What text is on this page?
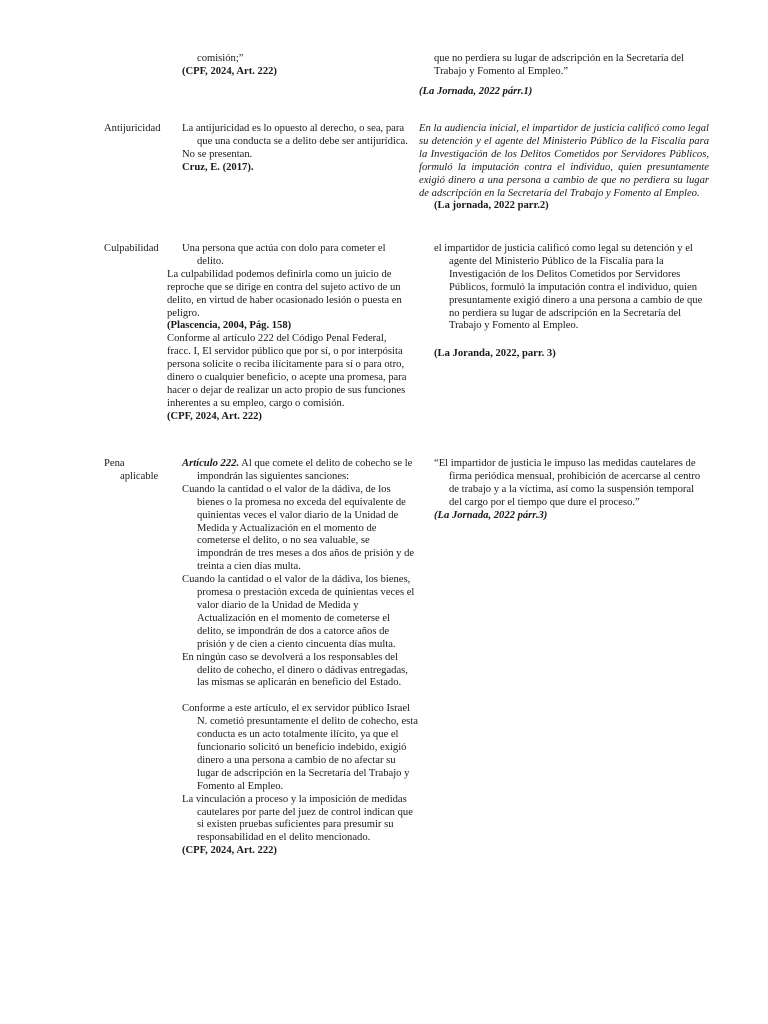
comisión;”

(CPF, 2024, Art. 222)

que no perdiera su lugar de adscripción en la Secretaría del Trabajo y Fomento al Empleo.”

(La Jornada, 2022 párr.1)

Antijuricidad	La antijuricidad es lo opuesto al derecho, o sea, para que una conducta se a delito debe ser antijurídica.

No se presentan.

Cruz, E. (2017).

En la audiencia inicial, el impartidor de justicia calificó como legal su detención y el agente del Ministerio Público de la Fiscalía para la Investigación de los Delitos Cometidos por Servidores Públicos, formuló la imputación contra el individuo, quien presuntamente exigió dinero a una persona a cambio de que no perdiera su lugar de adscripción en la Secretaría del Trabajo y Fomento al Empleo.

(La jornada, 2022 parr.2)

Culpabilidad	Una persona que actúa con dolo para cometer el delito.

La culpabilidad podemos definirla como un juicio de reproche que se dirige en contra del sujeto activo de un delito, en virtud de haber ocasionado lesión o puesta en peligro.

(Plascencia, 2004, Pág. 158)

Conforme al artículo 222 del Código Penal Federal, fracc. I, El servidor público que por sí, o por interpósita persona solicite o reciba ilícitamente para sí o para otro, dinero o cualquier beneficio, o acepte una promesa, para hacer o dejar de realizar un acto propio de sus funciones inherentes a su empleo, cargo o comisión.

(CPF, 2024, Art. 222)

el impartidor de justicia calificó como legal su detención y el agente del Ministerio Público de la Fiscalía para la Investigación de los Delitos Cometidos por Servidores Públicos, formuló la imputación contra el individuo, quien presuntamente exigió dinero a una persona a cambio de que no perdiera su lugar de adscripción en la Secretaría del Trabajo y Fomento al Empleo.

(La Joranda, 2022, parr. 3)

Pena
aplicable

Artículo 222. Al que comete el delito de cohecho se le impondrán las siguientes sanciones:

Cuando la cantidad o el valor de la dádiva, de los bienes o la promesa no exceda del equivalente de quinientas veces el valor diario de la Unidad de Medida y Actualización en el momento de cometerse el delito, o no sea valuable, se impondrán de tres meses a dos años de prisión y de treinta a cien días multa.

Cuando la cantidad o el valor de la dádiva, los bienes, promesa o prestación exceda de quinientas veces el valor diario de la Unidad de Medida y Actualización en el momento de cometerse el delito, se impondrán de dos a catorce años de prisión y de cien a ciento cincuenta días multa.

En ningún caso se devolverá a los responsables del delito de cohecho, el dinero o dádivas entregadas, las mismas se aplicarán en beneficio del Estado.

Conforme a este artículo, el ex servidor público Israel N. cometió presuntamente el delito de cohecho, esta conducta es un acto totalmente ilícito, ya que el funcionario solicitó un beneficio indebido, exigió dinero a una persona a cambio de no afectar su lugar de adscripción en la Secretaría del Trabajo y Fomento al Empleo.

La vinculación a proceso y la imposición de medidas cautelares por parte del juez de control indican que si existen pruebas suficientes para presumir su responsabilidad en el delito mencionado.

(CPF, 2024, Art. 222)

“El impartidor de justicia le impuso las medidas cautelares de firma periódica mensual, prohibición de acercarse al centro de trabajo y a la víctima, así como la suspensión temporal del cargo por el tiempo que dure el proceso.”

(La Jornada, 2022 párr.3)
